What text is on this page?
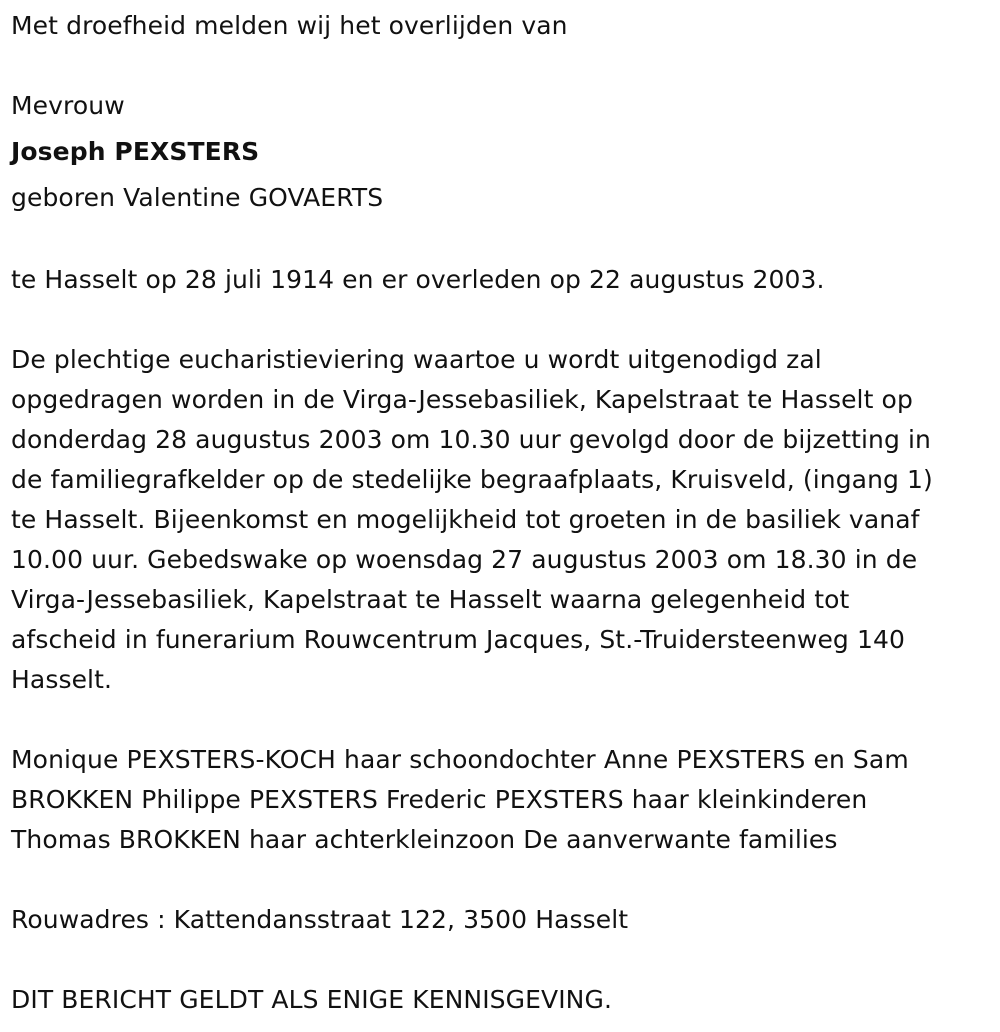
Met droefheid melden wij het overlijden van
Mevrouw
Joseph PEXSTERS
geboren Valentine GOVAERTS
te Hasselt op 28 juli 1914 en er overleden op 22 augustus 2003.
De plechtige eucharistieviering waartoe u wordt uitgenodigd zal
opgedragen worden in de Virga-Jessebasiliek, Kapelstraat te Hasselt op
donderdag 28 augustus 2003 om 10.30 uur gevolgd door de bijzetting in
de familiegrafkelder op de stedelijke begraafplaats, Kruisveld, (ingang 1)
te Hasselt. Bijeenkomst en mogelijkheid tot groeten in de basiliek vanaf
10.00 uur. Gebedswake op woensdag 27 augustus 2003 om 18.30 in de
Virga-Jessebasiliek, Kapelstraat te Hasselt waarna gelegenheid tot
afscheid in funerarium Rouwcentrum Jacques, St.-Truidersteenweg 140
Hasselt.
Monique PEXSTERS-KOCH haar schoondochter Anne PEXSTERS en Sam
BROKKEN Philippe PEXSTERS Frederic PEXSTERS haar kleinkinderen
Thomas BROKKEN haar achterkleinzoon De aanverwante families
Rouwadres : Kattendansstraat 122, 3500 Hasselt
DIT BERICHT GELDT ALS ENIGE KENNISGEVING.
